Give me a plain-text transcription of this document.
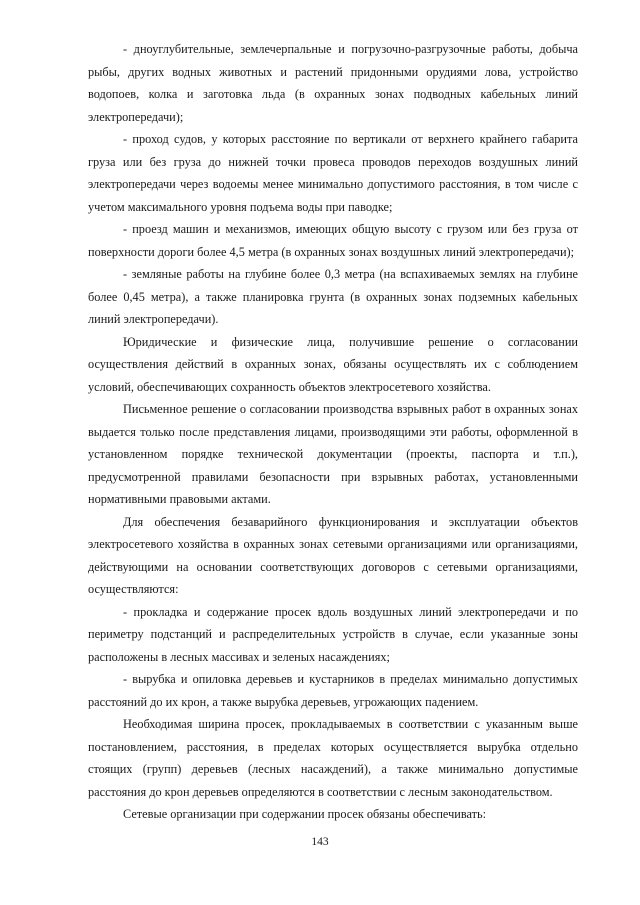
- дноуглубительные, землечерпальные и погрузочно-разгрузочные работы, добыча рыбы, других водных животных и растений придонными орудиями лова, устройство водопоев, колка и заготовка льда (в охранных зонах подводных кабельных линий электропередачи);

- проход судов, у которых расстояние по вертикали от верхнего крайнего габарита груза или без груза до нижней точки провеса проводов переходов воздушных линий электропередачи через водоемы менее минимально допустимого расстояния, в том числе с учетом максимального уровня подъема воды при паводке;

- проезд машин и механизмов, имеющих общую высоту с грузом или без груза от поверхности дороги более 4,5 метра (в охранных зонах воздушных линий электропередачи);

- земляные работы на глубине более 0,3 метра (на вспахиваемых землях на глубине более 0,45 метра), а также планировка грунта (в охранных зонах подземных кабельных линий электропередачи).

Юридические и физические лица, получившие решение о согласовании осуществления действий в охранных зонах, обязаны осуществлять их с соблюдением условий, обеспечивающих сохранность объектов электросетевого хозяйства.

Письменное решение о согласовании производства взрывных работ в охранных зонах выдается только после представления лицами, производящими эти работы, оформленной в установленном порядке технической документации (проекты, паспорта и т.п.), предусмотренной правилами безопасности при взрывных работах, установленными нормативными правовыми актами.

Для обеспечения безаварийного функционирования и эксплуатации объектов электросетевого хозяйства в охранных зонах сетевыми организациями или организациями, действующими на основании соответствующих договоров с сетевыми организациями, осуществляются:

- прокладка и содержание просек вдоль воздушных линий электропередачи и по периметру подстанций и распределительных устройств в случае, если указанные зоны расположены в лесных массивах и зеленых насаждениях;

- вырубка и опиловка деревьев и кустарников в пределах минимально допустимых расстояний до их крон, а также вырубка деревьев, угрожающих падением.

Необходимая ширина просек, прокладываемых в соответствии с указанным выше постановлением, расстояния, в пределах которых осуществляется вырубка отдельно стоящих (групп) деревьев (лесных насаждений), а также минимально допустимые расстояния до крон деревьев определяются в соответствии с лесным законодательством.

Сетевые организации при содержании просек обязаны обеспечивать:

143
